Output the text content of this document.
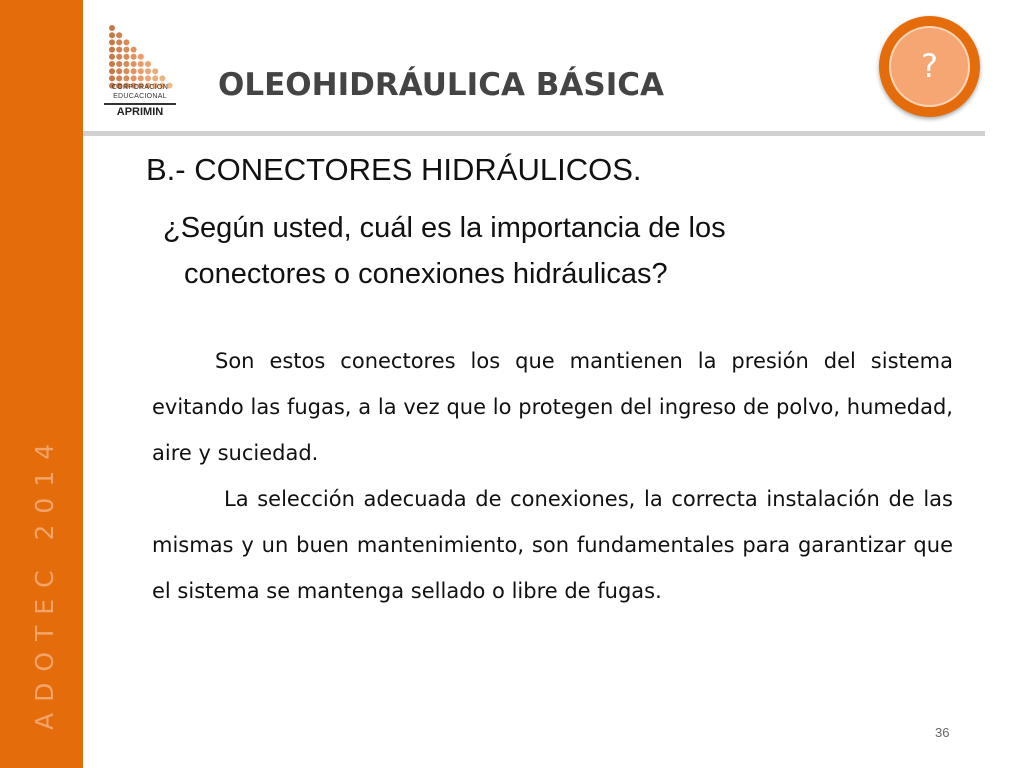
ADOTEC 2014
CORPORACION
EDUCACIONAL
APRIMIN
OLEOHIDRÁULICA BÁSICA	?
B.- CONECTORES HIDRÁULICOS.
¿Según usted, cuál es la importancia de los
conectores o conexiones hidráulicas?

Son estos conectores los que mantienen la presión del sistema evitando las fugas, a la vez que lo protegen del ingreso de polvo, humedad, aire y suciedad.

La selección adecuada de conexiones, la correcta instalación de las mismas y un buen mantenimiento, son fundamentales para garantizar que el sistema se mantenga sellado o libre de fugas.

36
